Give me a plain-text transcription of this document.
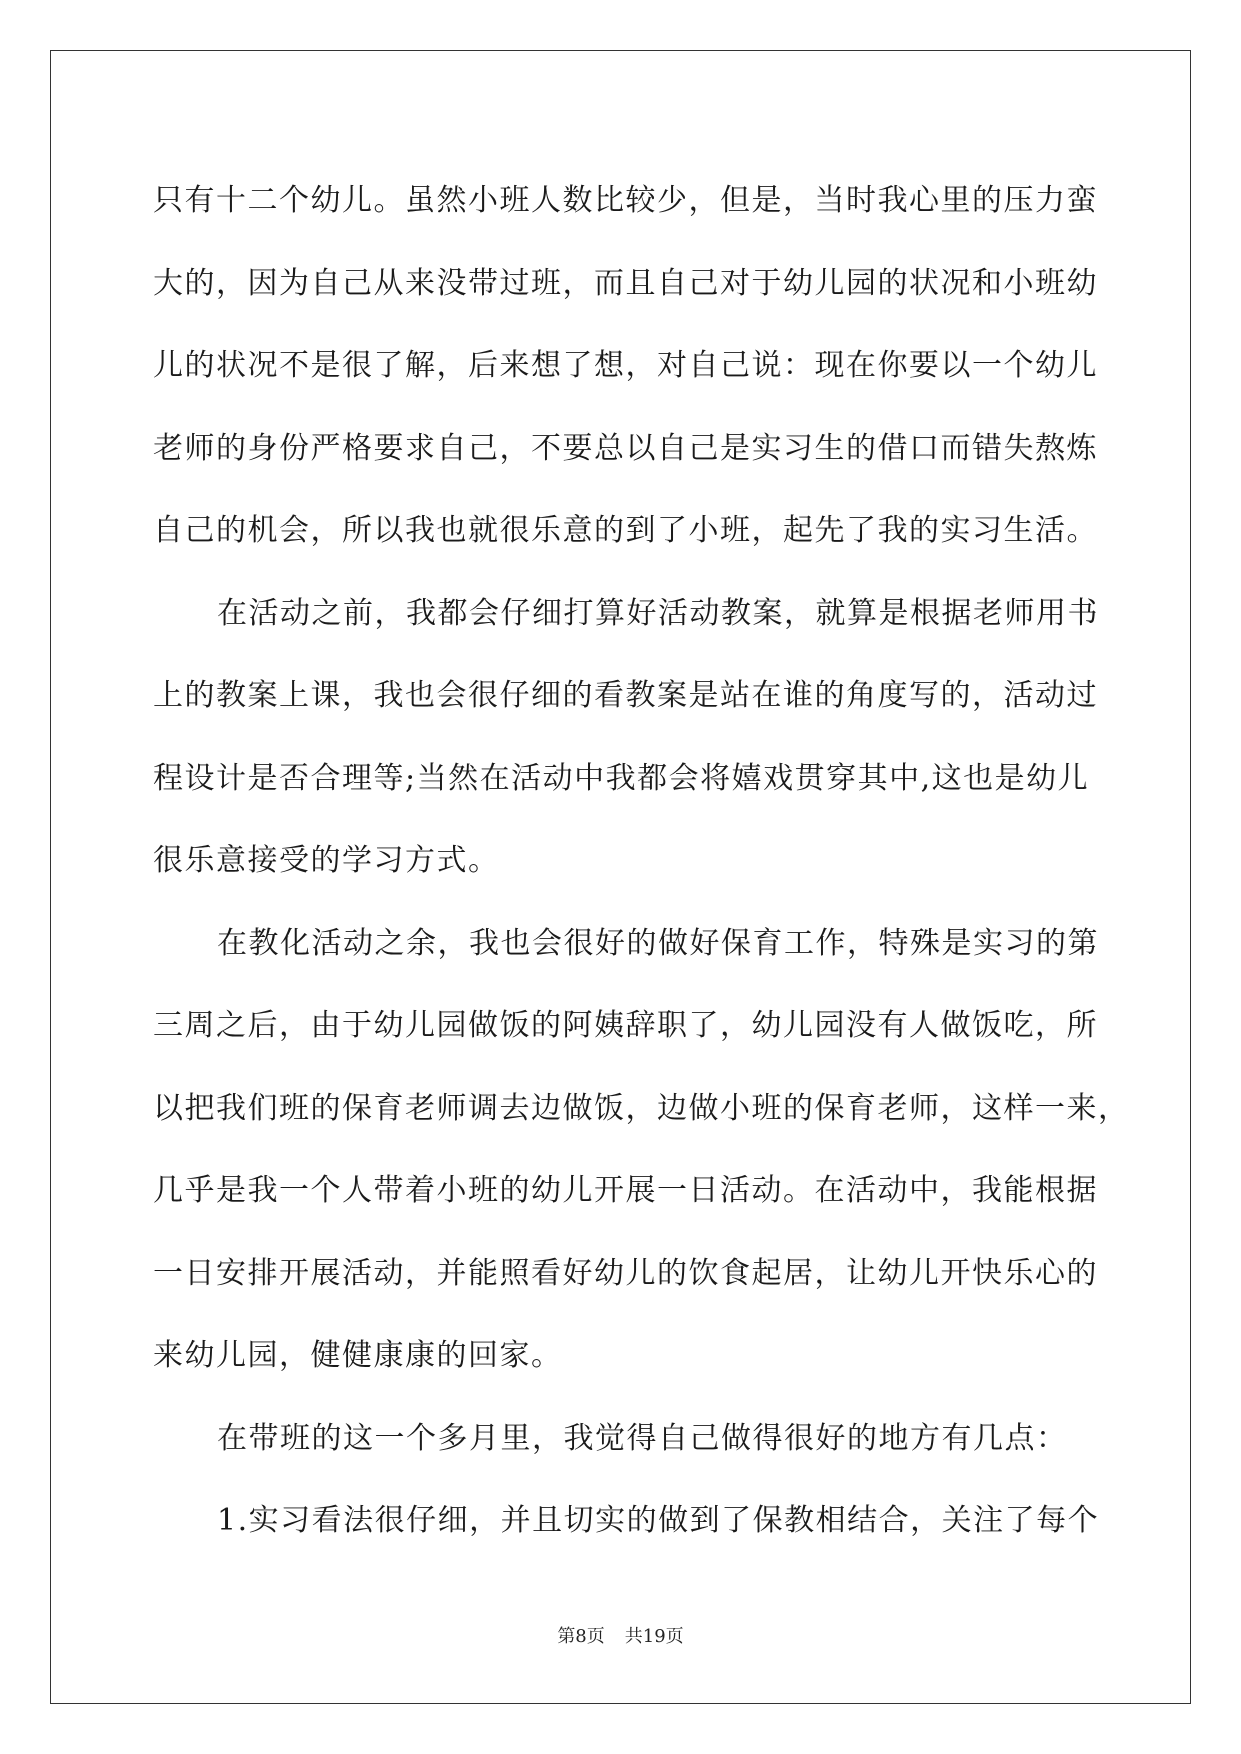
只有十二个幼儿。虽然小班人数比较少，但是，当时我心里的压力蛮
大的，因为自己从来没带过班，而且自己对于幼儿园的状况和小班幼
儿的状况不是很了解，后来想了想，对自己说：现在你要以一个幼儿
老师的身份严格要求自己，不要总以自己是实习生的借口而错失熬炼
自己的机会，所以我也就很乐意的到了小班，起先了我的实习生活。
在活动之前，我都会仔细打算好活动教案，就算是根据老师用书
上的教案上课，我也会很仔细的看教案是站在谁的角度写的，活动过
程设计是否合理等;当然在活动中我都会将嬉戏贯穿其中,这也是幼儿
很乐意接受的学习方式。
在教化活动之余，我也会很好的做好保育工作，特殊是实习的第
三周之后，由于幼儿园做饭的阿姨辞职了，幼儿园没有人做饭吃，所
以把我们班的保育老师调去边做饭，边做小班的保育老师，这样一来，
几乎是我一个人带着小班的幼儿开展一日活动。在活动中，我能根据
一日安排开展活动，并能照看好幼儿的饮食起居，让幼儿开快乐心的
来幼儿园，健健康康的回家。
在带班的这一个多月里，我觉得自己做得很好的地方有几点：
1.实习看法很仔细，并且切实的做到了保教相结合，关注了每个
第8页 共19页
